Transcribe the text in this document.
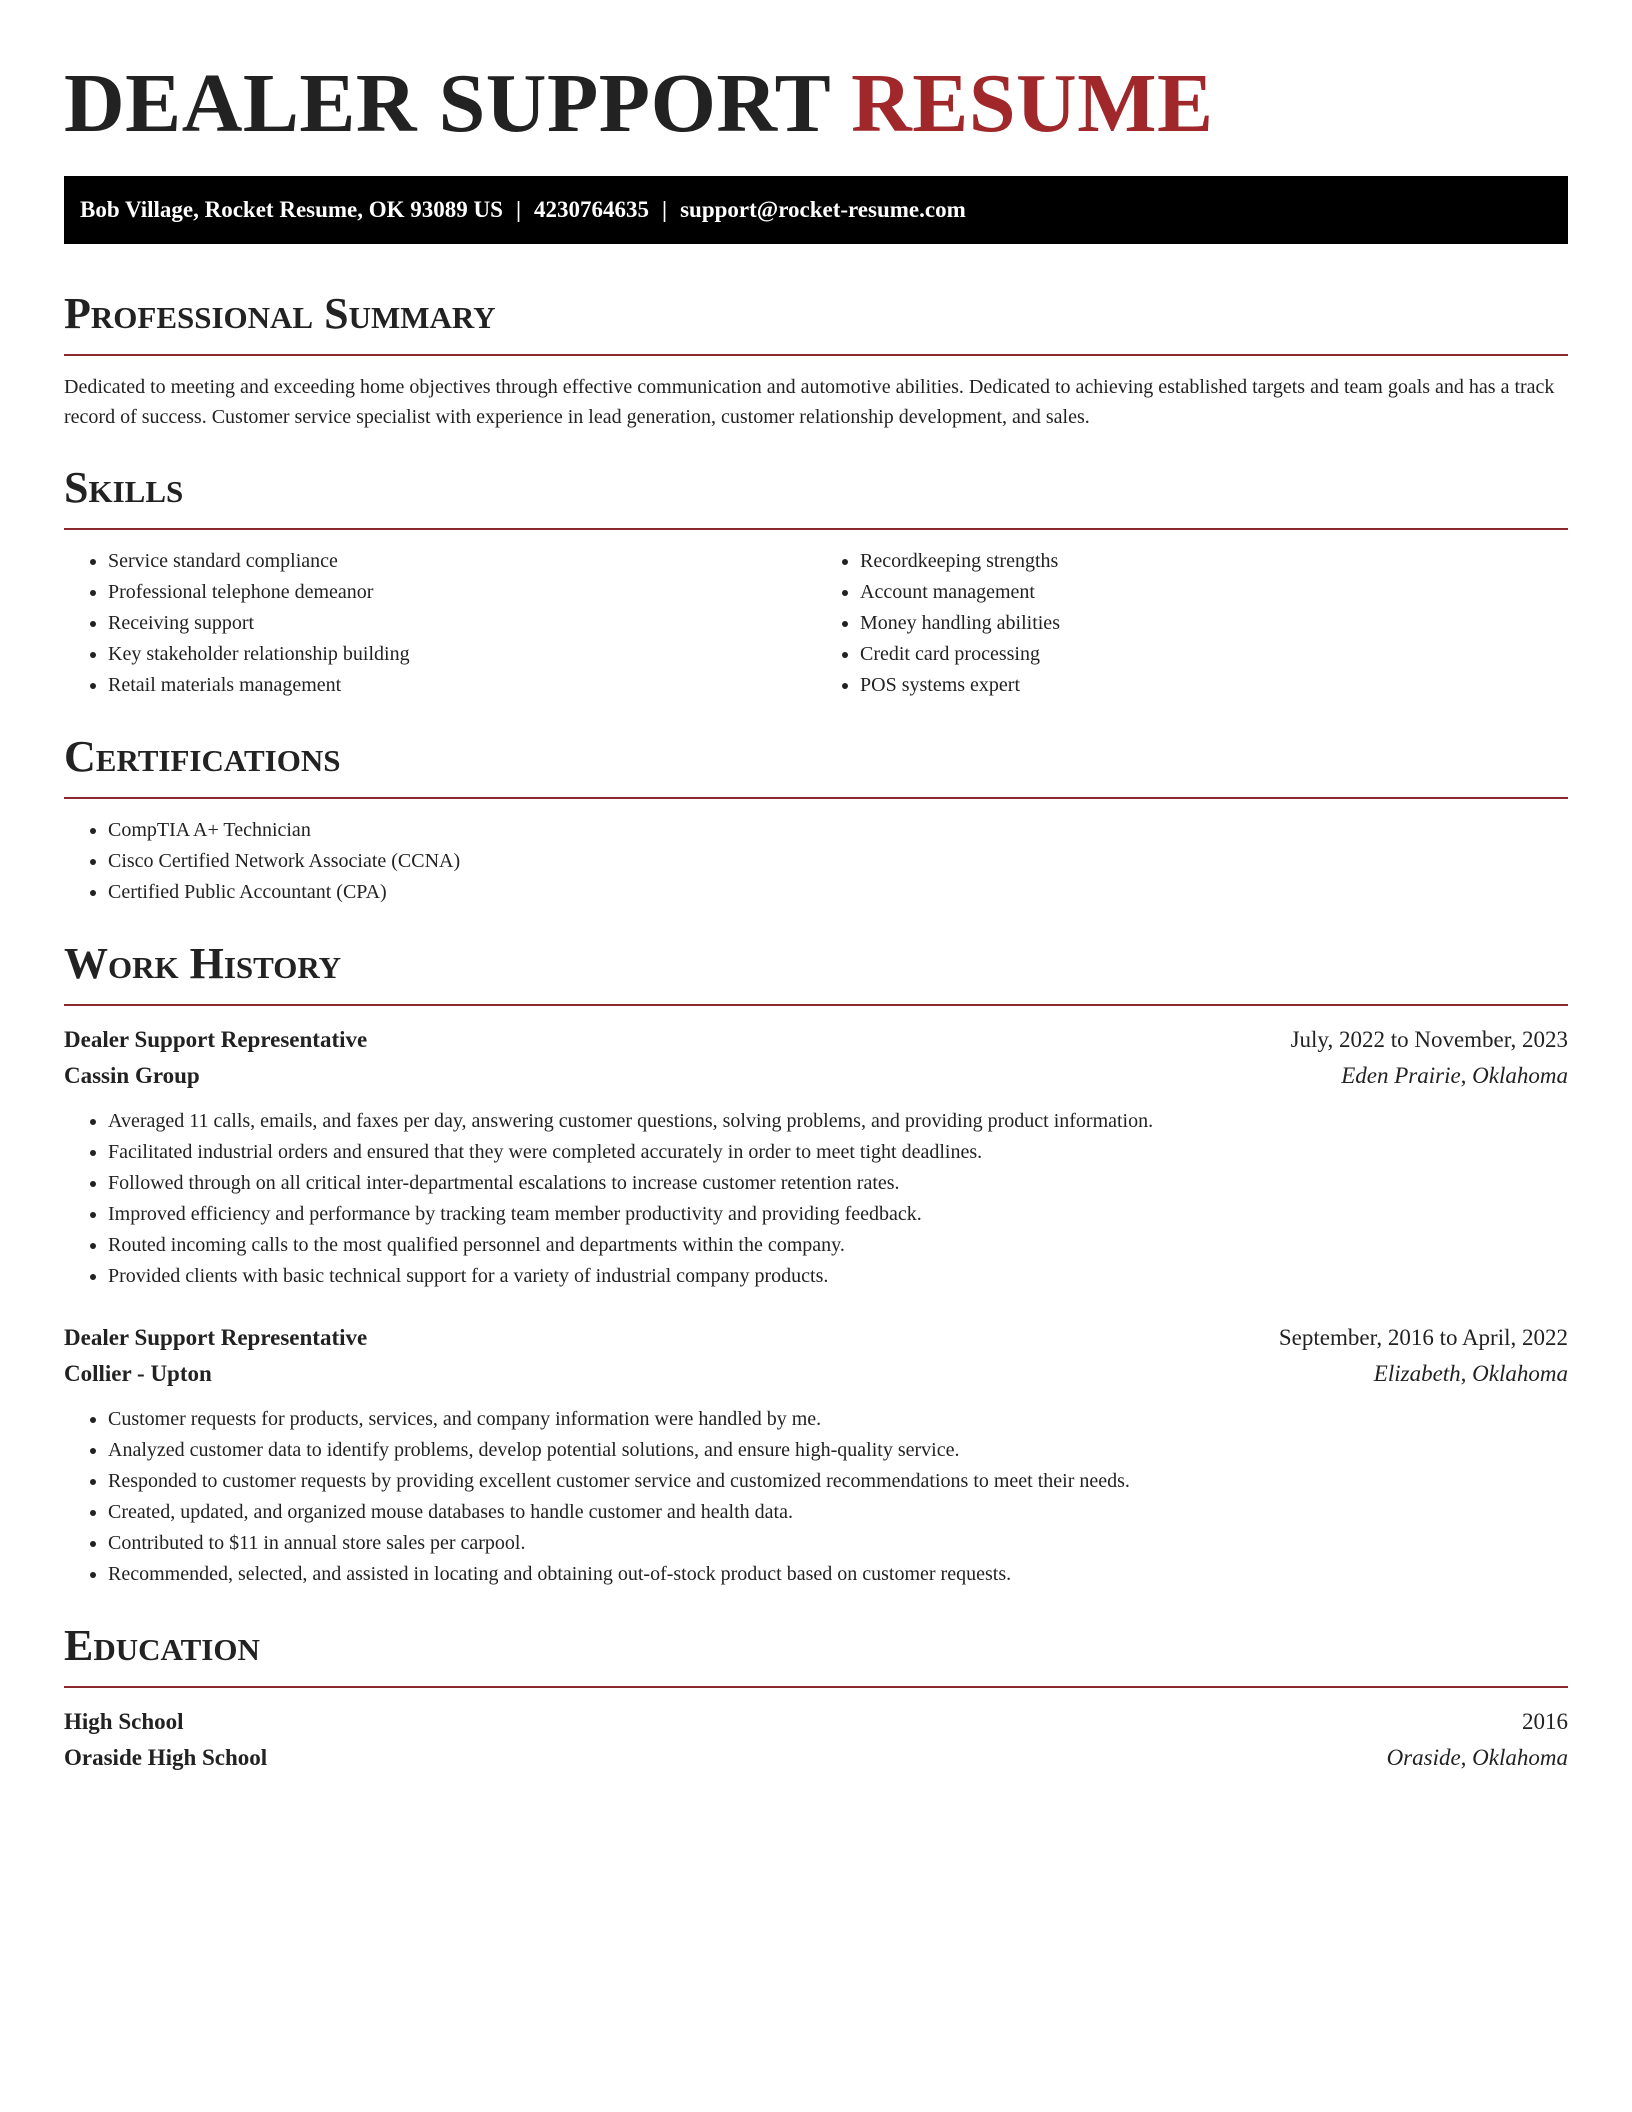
DEALER SUPPORT RESUME
Bob Village, Rocket Resume, OK 93089 US | 4230764635 | support@rocket-resume.com
Professional Summary

Dedicated to meeting and exceeding home objectives through effective communication and automotive abilities. Dedicated to achieving established targets and team goals and has a track record of success. Customer service specialist with experience in lead generation, customer relationship development, and sales.

Skills
• Service standard compliance
• Professional telephone demeanor
• Receiving support
• Key stakeholder relationship building
• Retail materials management
• Recordkeeping strengths
• Account management
• Money handling abilities
• Credit card processing
• POS systems expert
Certifications
• CompTIA A+ Technician
• Cisco Certified Network Associate (CCNA)
• Certified Public Accountant (CPA)
Work History
Dealer Support Representative	July, 2022 to November, 2023
Cassin Group	Eden Prairie, Oklahoma
• Averaged 11 calls, emails, and faxes per day, answering customer questions, solving problems, and providing product information.
• Facilitated industrial orders and ensured that they were completed accurately in order to meet tight deadlines.
• Followed through on all critical inter-departmental escalations to increase customer retention rates.
• Improved efficiency and performance by tracking team member productivity and providing feedback.
• Routed incoming calls to the most qualified personnel and departments within the company.
• Provided clients with basic technical support for a variety of industrial company products.
Dealer Support Representative	September, 2016 to April, 2022
Collier - Upton	Elizabeth, Oklahoma
• Customer requests for products, services, and company information were handled by me.
• Analyzed customer data to identify problems, develop potential solutions, and ensure high-quality service.
• Responded to customer requests by providing excellent customer service and customized recommendations to meet their needs.
• Created, updated, and organized mouse databases to handle customer and health data.
• Contributed to $11 in annual store sales per carpool.
• Recommended, selected, and assisted in locating and obtaining out-of-stock product based on customer requests.
Education
High School	2016
Oraside High School	Oraside, Oklahoma
